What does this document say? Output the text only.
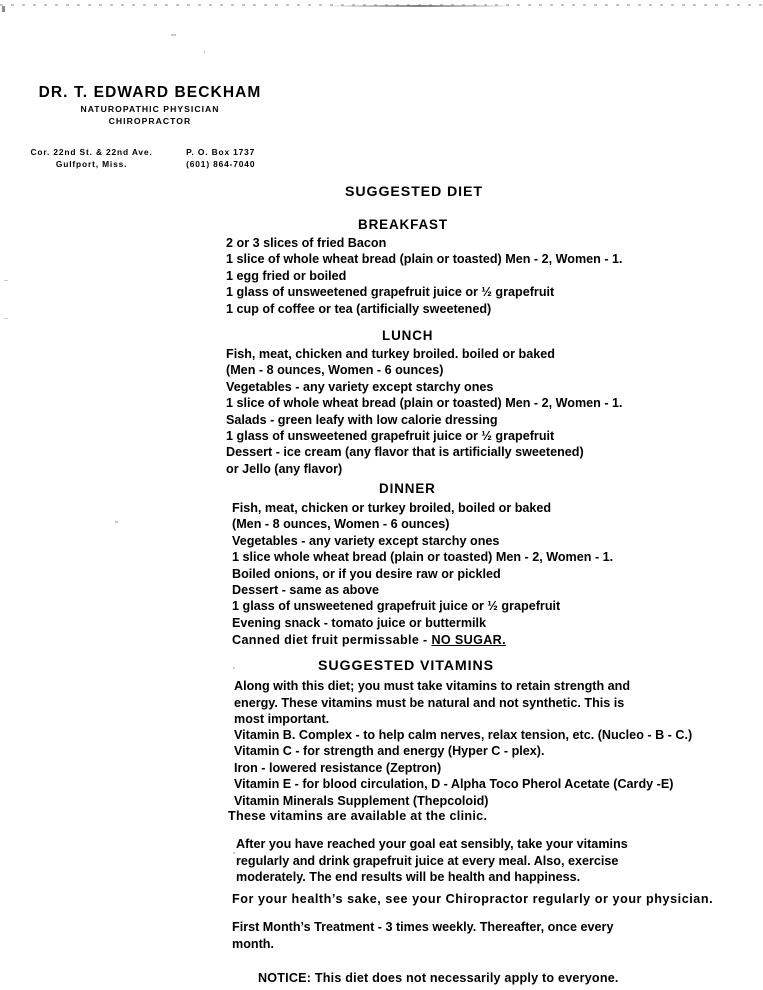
DR. T. EDWARD BECKHAM
NATUROPATHIC PHYSICIAN
CHIROPRACTOR
Cor. 22nd St. & 22nd Ave.
Gulfport, Miss.
P. O. Box 1737
(601) 864-7040
SUGGESTED DIET
BREAKFAST
2 or 3 slices of fried Bacon
1 slice of whole wheat bread (plain or toasted) Men - 2, Women - 1.
1 egg fried or boiled
1 glass of unsweetened grapefruit juice or ½ grapefruit
1 cup of coffee or tea (artificially sweetened)
LUNCH
Fish, meat, chicken and turkey broiled. boiled or baked
(Men - 8 ounces, Women - 6 ounces)
Vegetables - any variety except starchy ones
1 slice of whole wheat bread (plain or toasted) Men - 2, Women - 1.
Salads - green leafy with low calorie dressing
1 glass of unsweetened grapefruit juice or ½ grapefruit
Dessert - ice cream (any flavor that is artificially sweetened)
or Jello (any flavor)
DINNER
Fish, meat, chicken or turkey broiled, boiled or baked
(Men - 8 ounces, Women - 6 ounces)
Vegetables - any variety except starchy ones
1 slice whole wheat bread (plain or toasted) Men - 2, Women - 1.
Boiled onions, or if you desire raw or pickled
Dessert - same as above
1 glass of unsweetened grapefruit juice or ½ grapefruit
Evening snack - tomato juice or buttermilk
Canned diet fruit permissable - NO SUGAR.
SUGGESTED VITAMINS
Along with this diet; you must take vitamins to retain strength and
energy. These vitamins must be natural and not synthetic. This is
most important.
Vitamin B. Complex - to help calm nerves, relax tension, etc. (Nucleo - B - C.)
Vitamin C - for strength and energy (Hyper C - plex).
Iron - lowered resistance (Zeptron)
Vitamin E - for blood circulation, D - Alpha Toco Pherol Acetate (Cardy -E)
Vitamin Minerals Supplement (Thepcoloid)
These vitamins are available at the clinic.
After you have reached your goal eat sensibly, take your vitamins
regularly and drink grapefruit juice at every meal. Also, exercise
moderately. The end results will be health and happiness.
For your health’s sake, see your Chiropractor regularly or your physician.
First Month’s Treatment - 3 times weekly. Thereafter, once every
month.
NOTICE: This diet does not necessarily apply to everyone.
